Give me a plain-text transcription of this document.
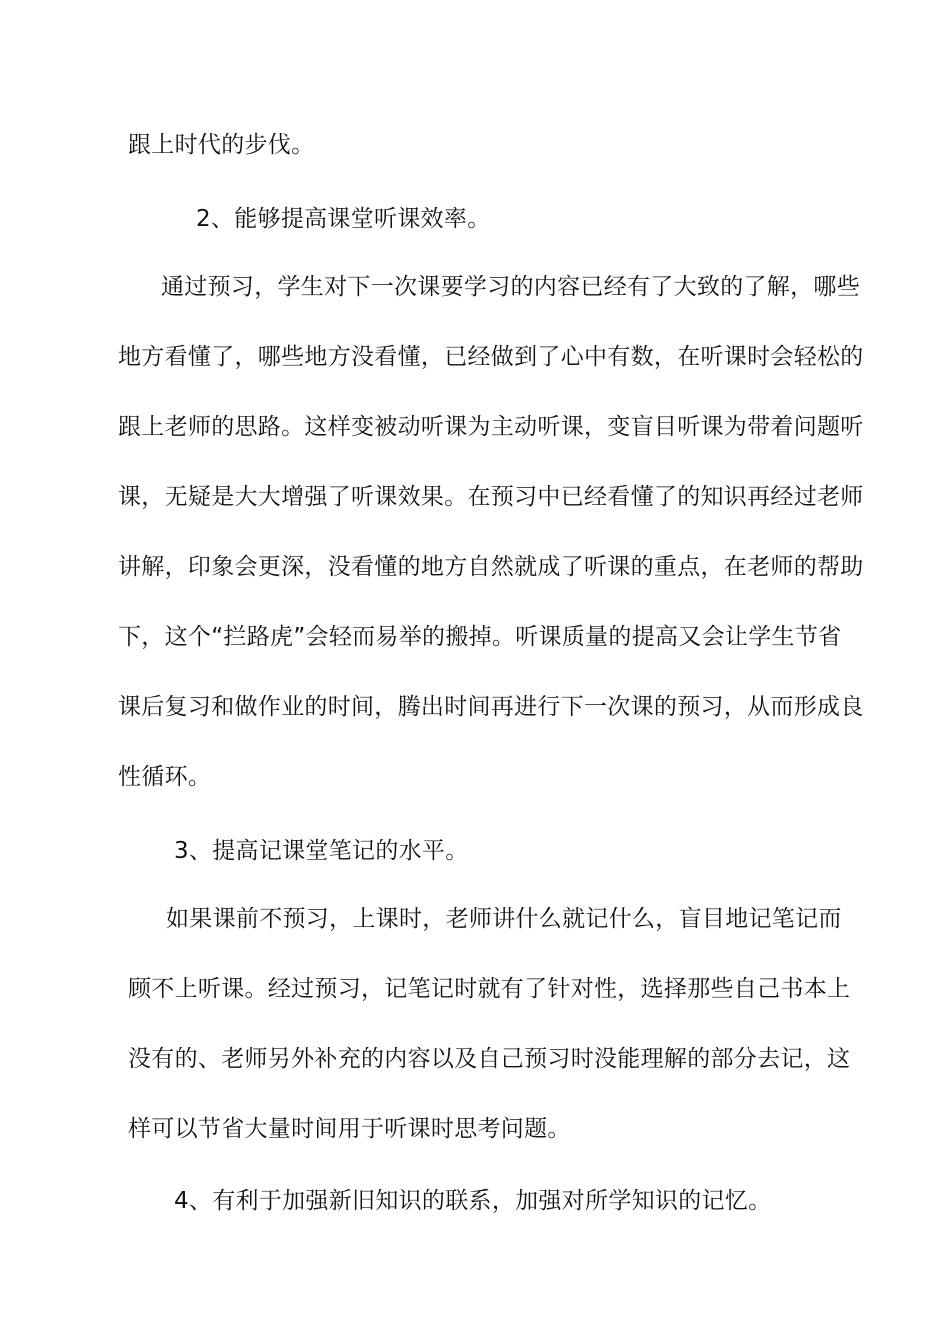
跟上时代的步伐。
2、能够提高课堂听课效率。
通过预习，学生对下一次课要学习的内容已经有了大致的了解，哪些
地方看懂了，哪些地方没看懂，已经做到了心中有数，在听课时会轻松的
跟上老师的思路。这样变被动听课为主动听课，变盲目听课为带着问题听
课，无疑是大大增强了听课效果。在预习中已经看懂了的知识再经过老师
讲解，印象会更深，没看懂的地方自然就成了听课的重点，在老师的帮助
下，这个“拦路虎”会轻而易举的搬掉。听课质量的提高又会让学生节省
课后复习和做作业的时间，腾出时间再进行下一次课的预习，从而形成良
性循环。
3、提高记课堂笔记的水平。
如果课前不预习，上课时，老师讲什么就记什么，盲目地记笔记而
顾不上听课。经过预习，记笔记时就有了针对性，选择那些自己书本上
没有的、老师另外补充的内容以及自己预习时没能理解的部分去记，这
样可以节省大量时间用于听课时思考问题。
4、有利于加强新旧知识的联系，加强对所学知识的记忆。
